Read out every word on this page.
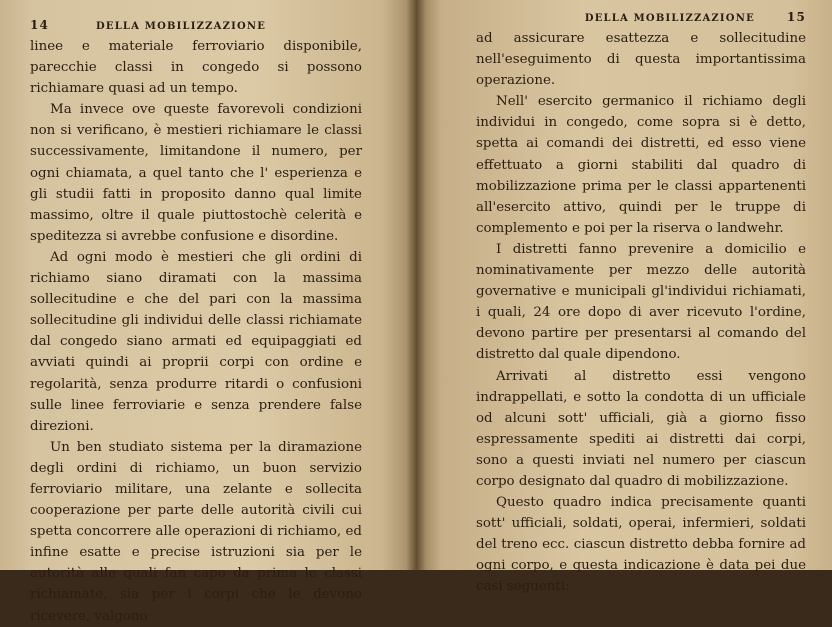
14	DELLA MOBILIZZAZIONE

linee e materiale ferroviario disponibile, parecchie classi in congedo si possono richiamare quasi ad un tempo.

Ma invece ove queste favorevoli condizioni non si verificano, è mestieri richiamare le classi successivamente, limitandone il numero, per ogni chiamata, a quel tanto che l' esperienza e gli studii fatti in proposito danno qual limite massimo, oltre il quale piuttostochè celerità e speditezza si avrebbe confusione e disordine.

Ad ogni modo è mestieri che gli ordini di richiamo siano diramati con la massima sollecitudine e che del pari con la massima sollecitudine gli individui delle classi richiamate dal congedo siano armati ed equipaggiati ed avviati quindi ai proprii corpi con ordine e regolarità, senza produrre ritardi o confusioni sulle linee ferroviarie e senza prendere false direzioni.

Un ben studiato sistema per la diramazione degli ordini di richiamo, un buon servizio ferroviario militare, una zelante e sollecita cooperazione per parte delle autorità civili cui spetta concorrere alle operazioni di richiamo, ed infine esatte e precise istruzioni sia per le autorità alle quali fan capo da prima le classi richiamate, sia per i corpi che le devono ricevere, valgono

DELLA MOBILIZZAZIONE	15

ad assicurare esattezza e sollecitudine nell'eseguimento di questa importantissima operazione.

Nell' esercito germanico il richiamo degli individui in congedo, come sopra si è detto, spetta ai comandi dei distretti, ed esso viene effettuato a giorni stabiliti dal quadro di mobilizzazione prima per le classi appartenenti all'esercito attivo, quindi per le truppe di complemento e poi per la riserva o landwehr.

I distretti fanno prevenire a domicilio e nominativamente per mezzo delle autorità governative e municipali gl'individui richiamati, i quali, 24 ore dopo di aver ricevuto l'ordine, devono partire per presentarsi al comando del distretto dal quale dipendono.

Arrivati al distretto essi vengono indrappellati, e sotto la condotta di un ufficiale od alcuni sott' ufficiali, già a giorno fisso espressamente spediti ai distretti dai corpi, sono a questi inviati nel numero per ciascun corpo designato dal quadro di mobilizzazione.

Questo quadro indica precisamente quanti sott' ufficiali, soldati, operai, infermieri, soldati del treno ecc. ciascun distretto debba fornire ad ogni corpo, e questa indicazione è data pei due casi seguenti:
